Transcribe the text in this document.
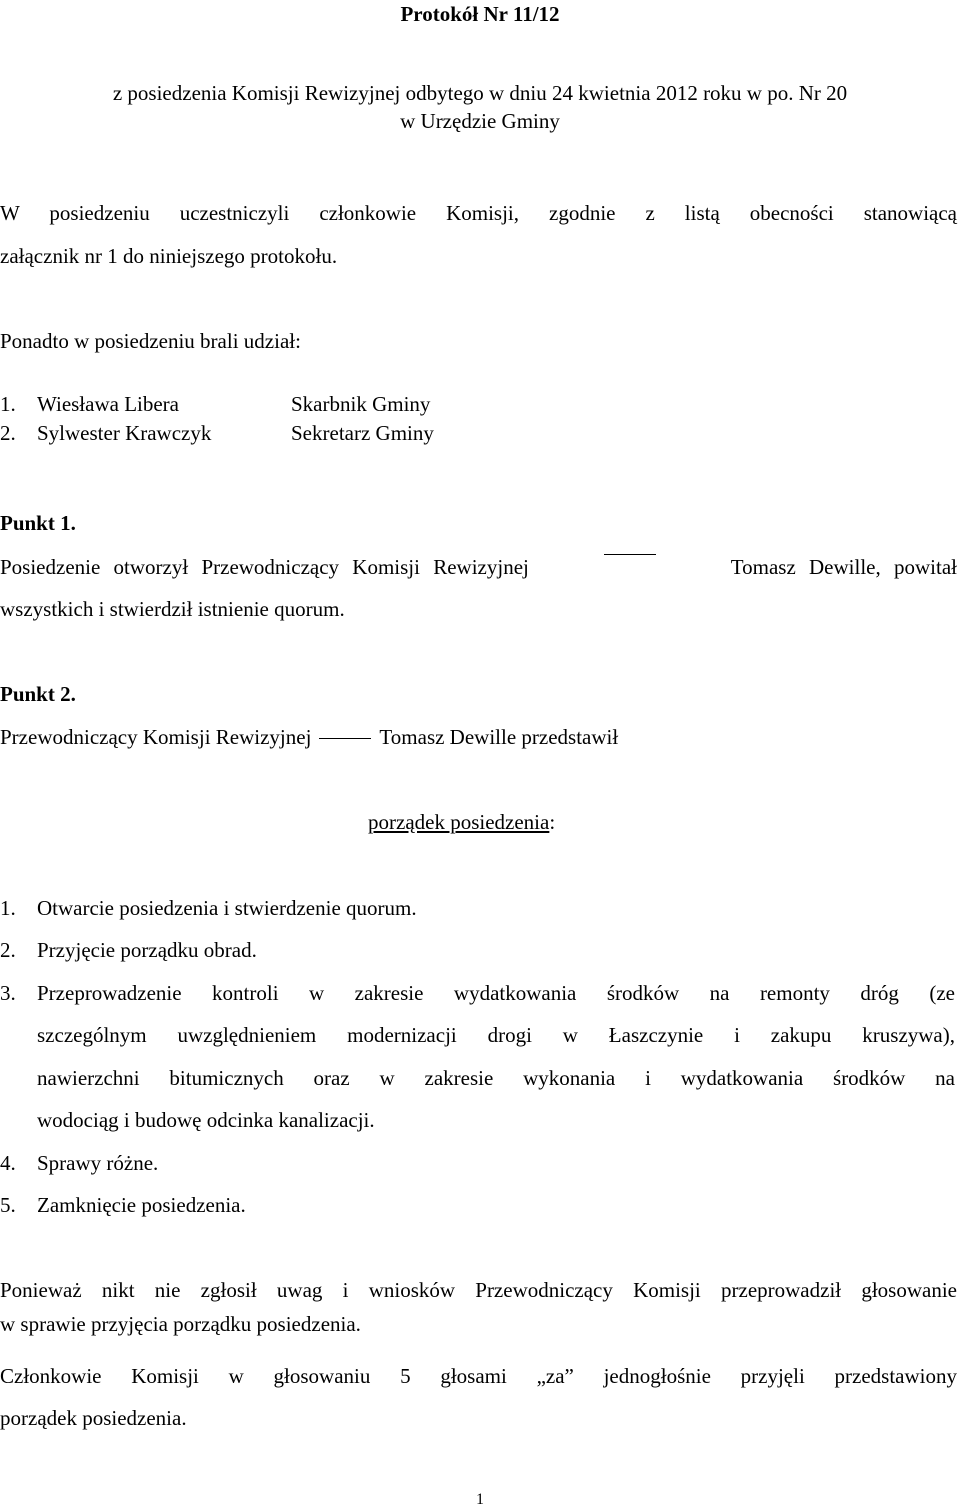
Protokół Nr 11/12
z posiedzenia Komisji Rewizyjnej odbytego w dniu 24 kwietnia 2012 roku w po. Nr 20
w Urzędzie Gminy
W posiedzeniu uczestniczyli członkowie Komisji, zgodnie z listą obecności stanowiącą
załącznik nr 1 do niniejszego protokołu.
Ponadto w posiedzeniu brali udział:
1. Wiesława Libera	Skarbnik Gminy
2. Sylwester Krawczyk	Sekretarz Gminy
Punkt 1.
Posiedzenie otworzył Przewodniczący Komisji Rewizyjnej	Tomasz Dewille, powitał
wszystkich i stwierdził istnienie quorum.
Punkt 2.
Przewodniczący Komisji Rewizyjnej	Tomasz Dewille przedstawił
porządek posiedzenia:
1. Otwarcie posiedzenia i stwierdzenie quorum.
2. Przyjęcie porządku obrad.
3. Przeprowadzenie kontroli w zakresie wydatkowania środków na remonty dróg (ze
szczególnym uwzględnieniem modernizacji drogi w Łaszczynie i zakupu kruszywa),
nawierzchni bitumicznych oraz w zakresie wykonania i wydatkowania środków na
wodociąg i budowę odcinka kanalizacji.
4. Sprawy różne.
5. Zamknięcie posiedzenia.
Ponieważ nikt nie zgłosił uwag i wniosków Przewodniczący Komisji przeprowadził głosowanie
w sprawie przyjęcia porządku posiedzenia.
Członkowie Komisji w głosowaniu 5 głosami „za” jednogłośnie przyjęli przedstawiony
porządek posiedzenia.
1
